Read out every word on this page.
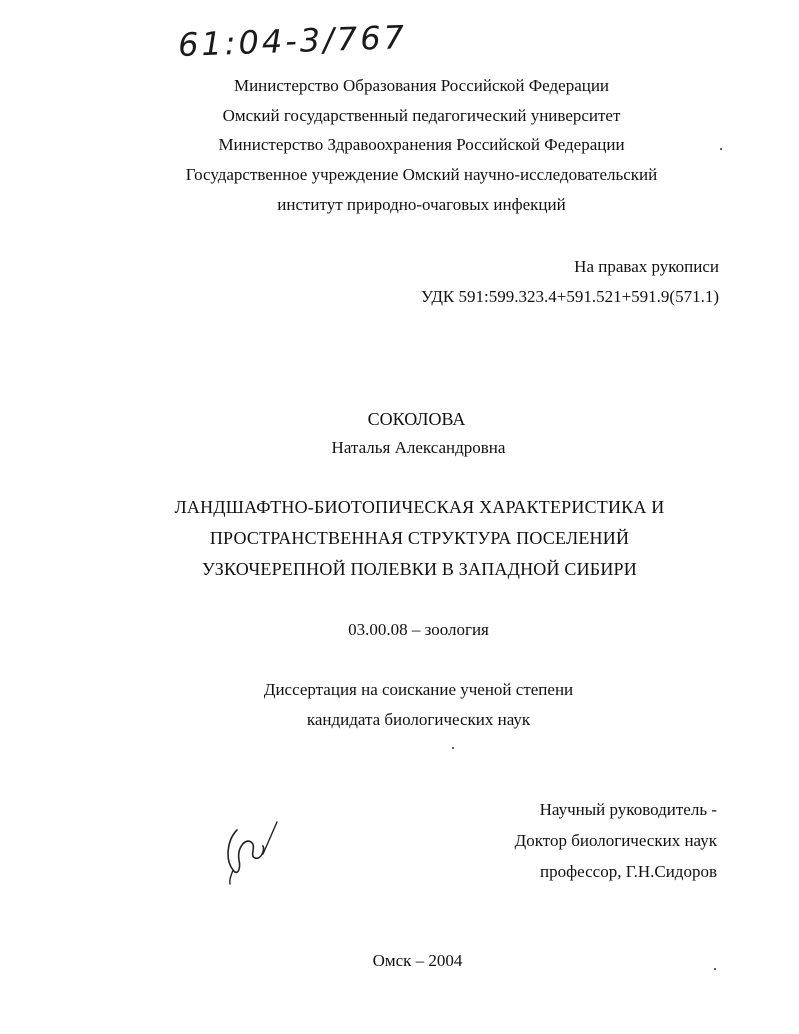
61:04-3/767
Министерство Образования Российской Федерации
Омский государственный педагогический университет
Министерство Здравоохранения Российской Федерации
Государственное учреждение Омский научно-исследовательский
институт природно-очаговых инфекций
На правах рукописи
УДК 591:599.323.4+591.521+591.9(571.1)
СОКОЛОВА
Наталья Александровна
ЛАНДШАФТНО-БИОТОПИЧЕСКАЯ ХАРАКТЕРИСТИКА И
ПРОСТРАНСТВЕННАЯ СТРУКТУРА ПОСЕЛЕНИЙ
УЗКОЧЕРЕПНОЙ ПОЛЕВКИ В ЗАПАДНОЙ СИБИРИ
03.00.08 – зоология
Диссертация на соискание ученой степени
кандидата биологических наук
Научный руководитель -
Доктор биологических наук
профессор, Г.Н.Сидоров
Омск – 2004
